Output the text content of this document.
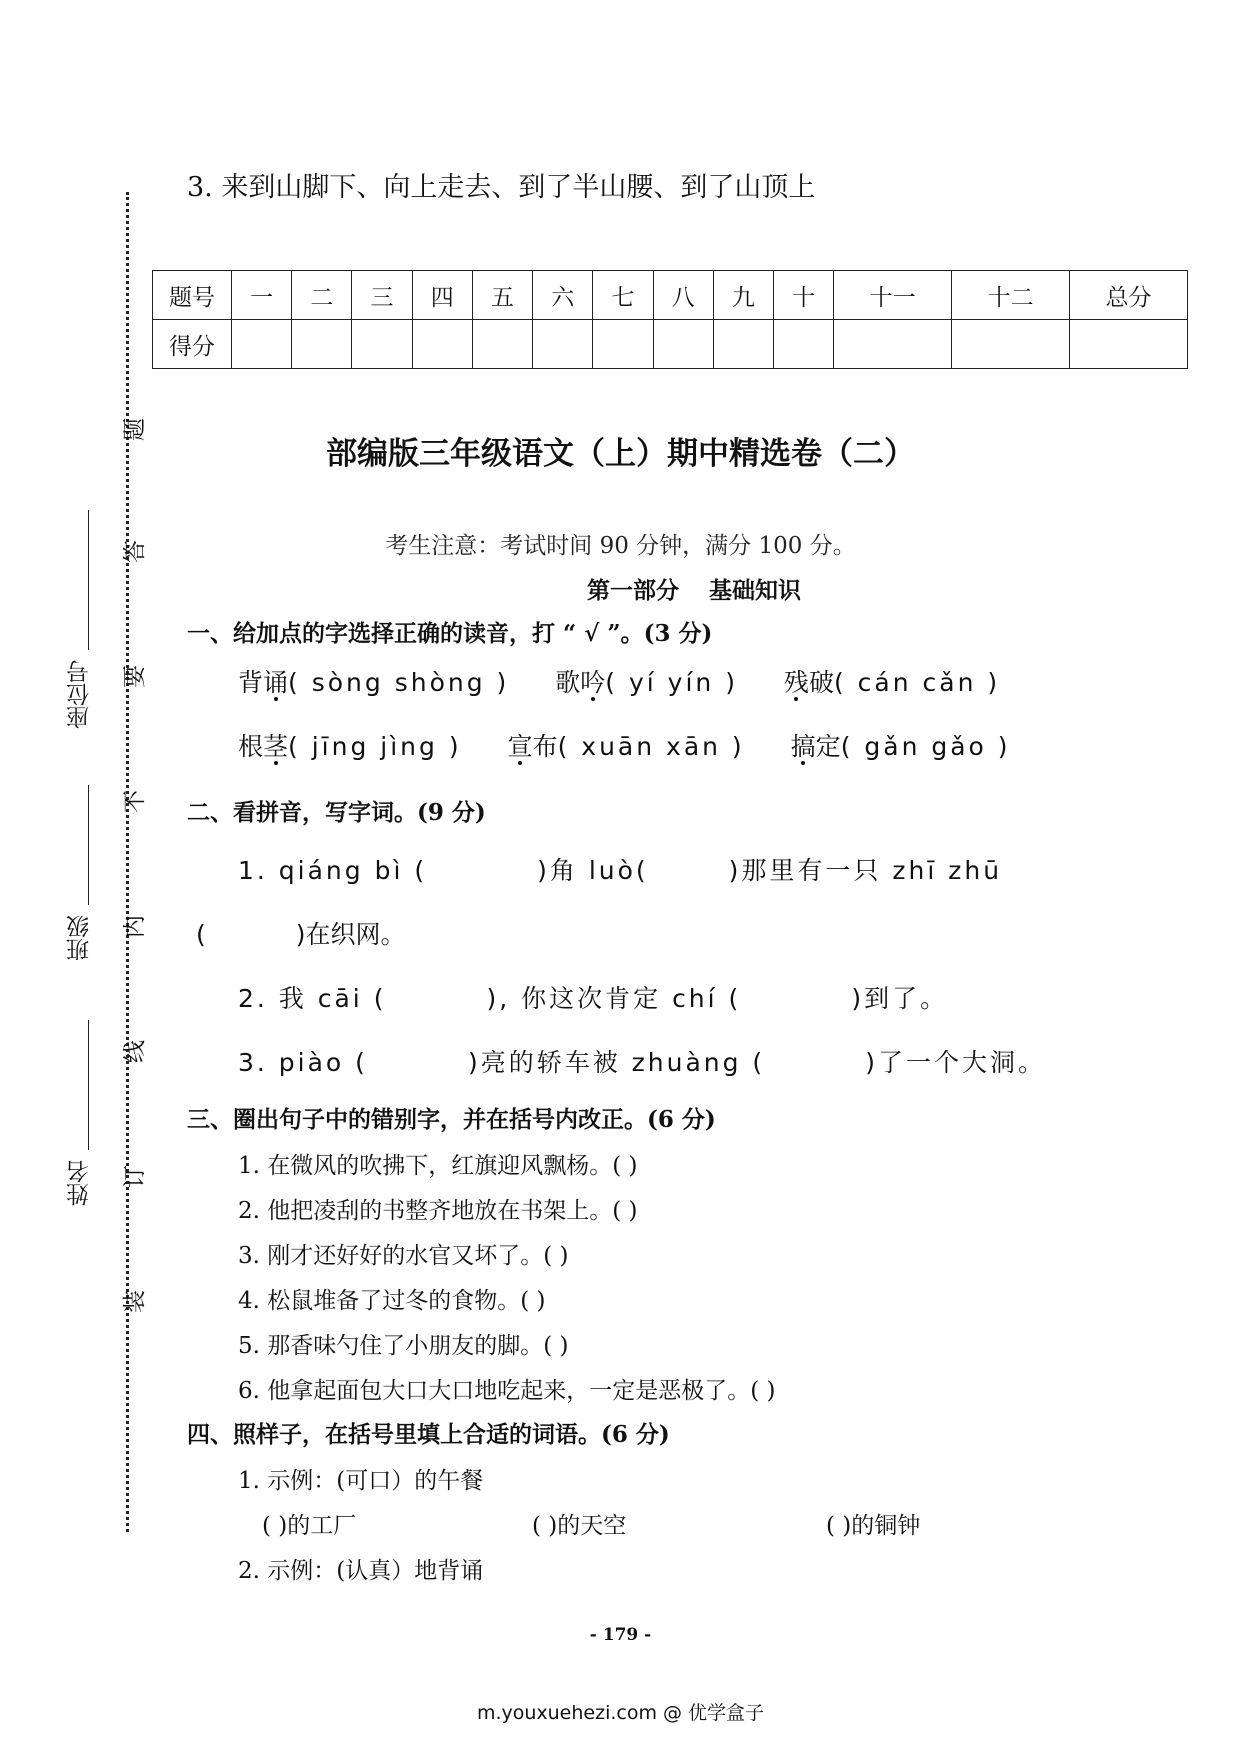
题
答
要
不
内
线
订
装
座位号
班级
姓名
3. 来到山脚下、向上走去、到了半山腰、到了山顶上
题号	一	二	三	四	五	六	七	八	九	十	十一	十二	总分
得分													
部编版三年级语文（上）期中精选卷（二）
考生注意：考试时间 90 分钟，满分 100 分。
第一部分 基础知识
一、给加点的字选择正确的读音，打 “ √ ”。(3 分)
背诵( sòng shòng ) 歌吟( yí yín ) 残破( cán cǎn )
根茎( jīng jìng ) 宣布( xuān xān ) 搞定( gǎn gǎo )
二、看拼音，写字词。(9 分)
1. qiáng bì (	)角 luò(	)那里有一只 zhī zhū
(	)在织网。
2. 我 cāi (	), 你这次肯定 chí (	)到了。
3. piào (	)亮的轿车被 zhuàng (	)了一个大洞。
三、圈出句子中的错别字，并在括号内改正。(6 分)
1. 在微风的吹拂下，红旗迎风飘杨。( )
2. 他把凌刮的书整齐地放在书架上。( )
3. 刚才还好好的水官又坏了。( )
4. 松鼠堆备了过冬的食物。( )
5. 那香味勺住了小朋友的脚。( )
6. 他拿起面包大口大口地吃起来，一定是恶极了。( )
四、照样子，在括号里填上合适的词语。(6 分)
1. 示例：(可口）的午餐
( )的工厂	( )的天空	( )的铜钟
2. 示例：(认真）地背诵
- 179 -
m.youxuehezi.com @ 优学盒子
